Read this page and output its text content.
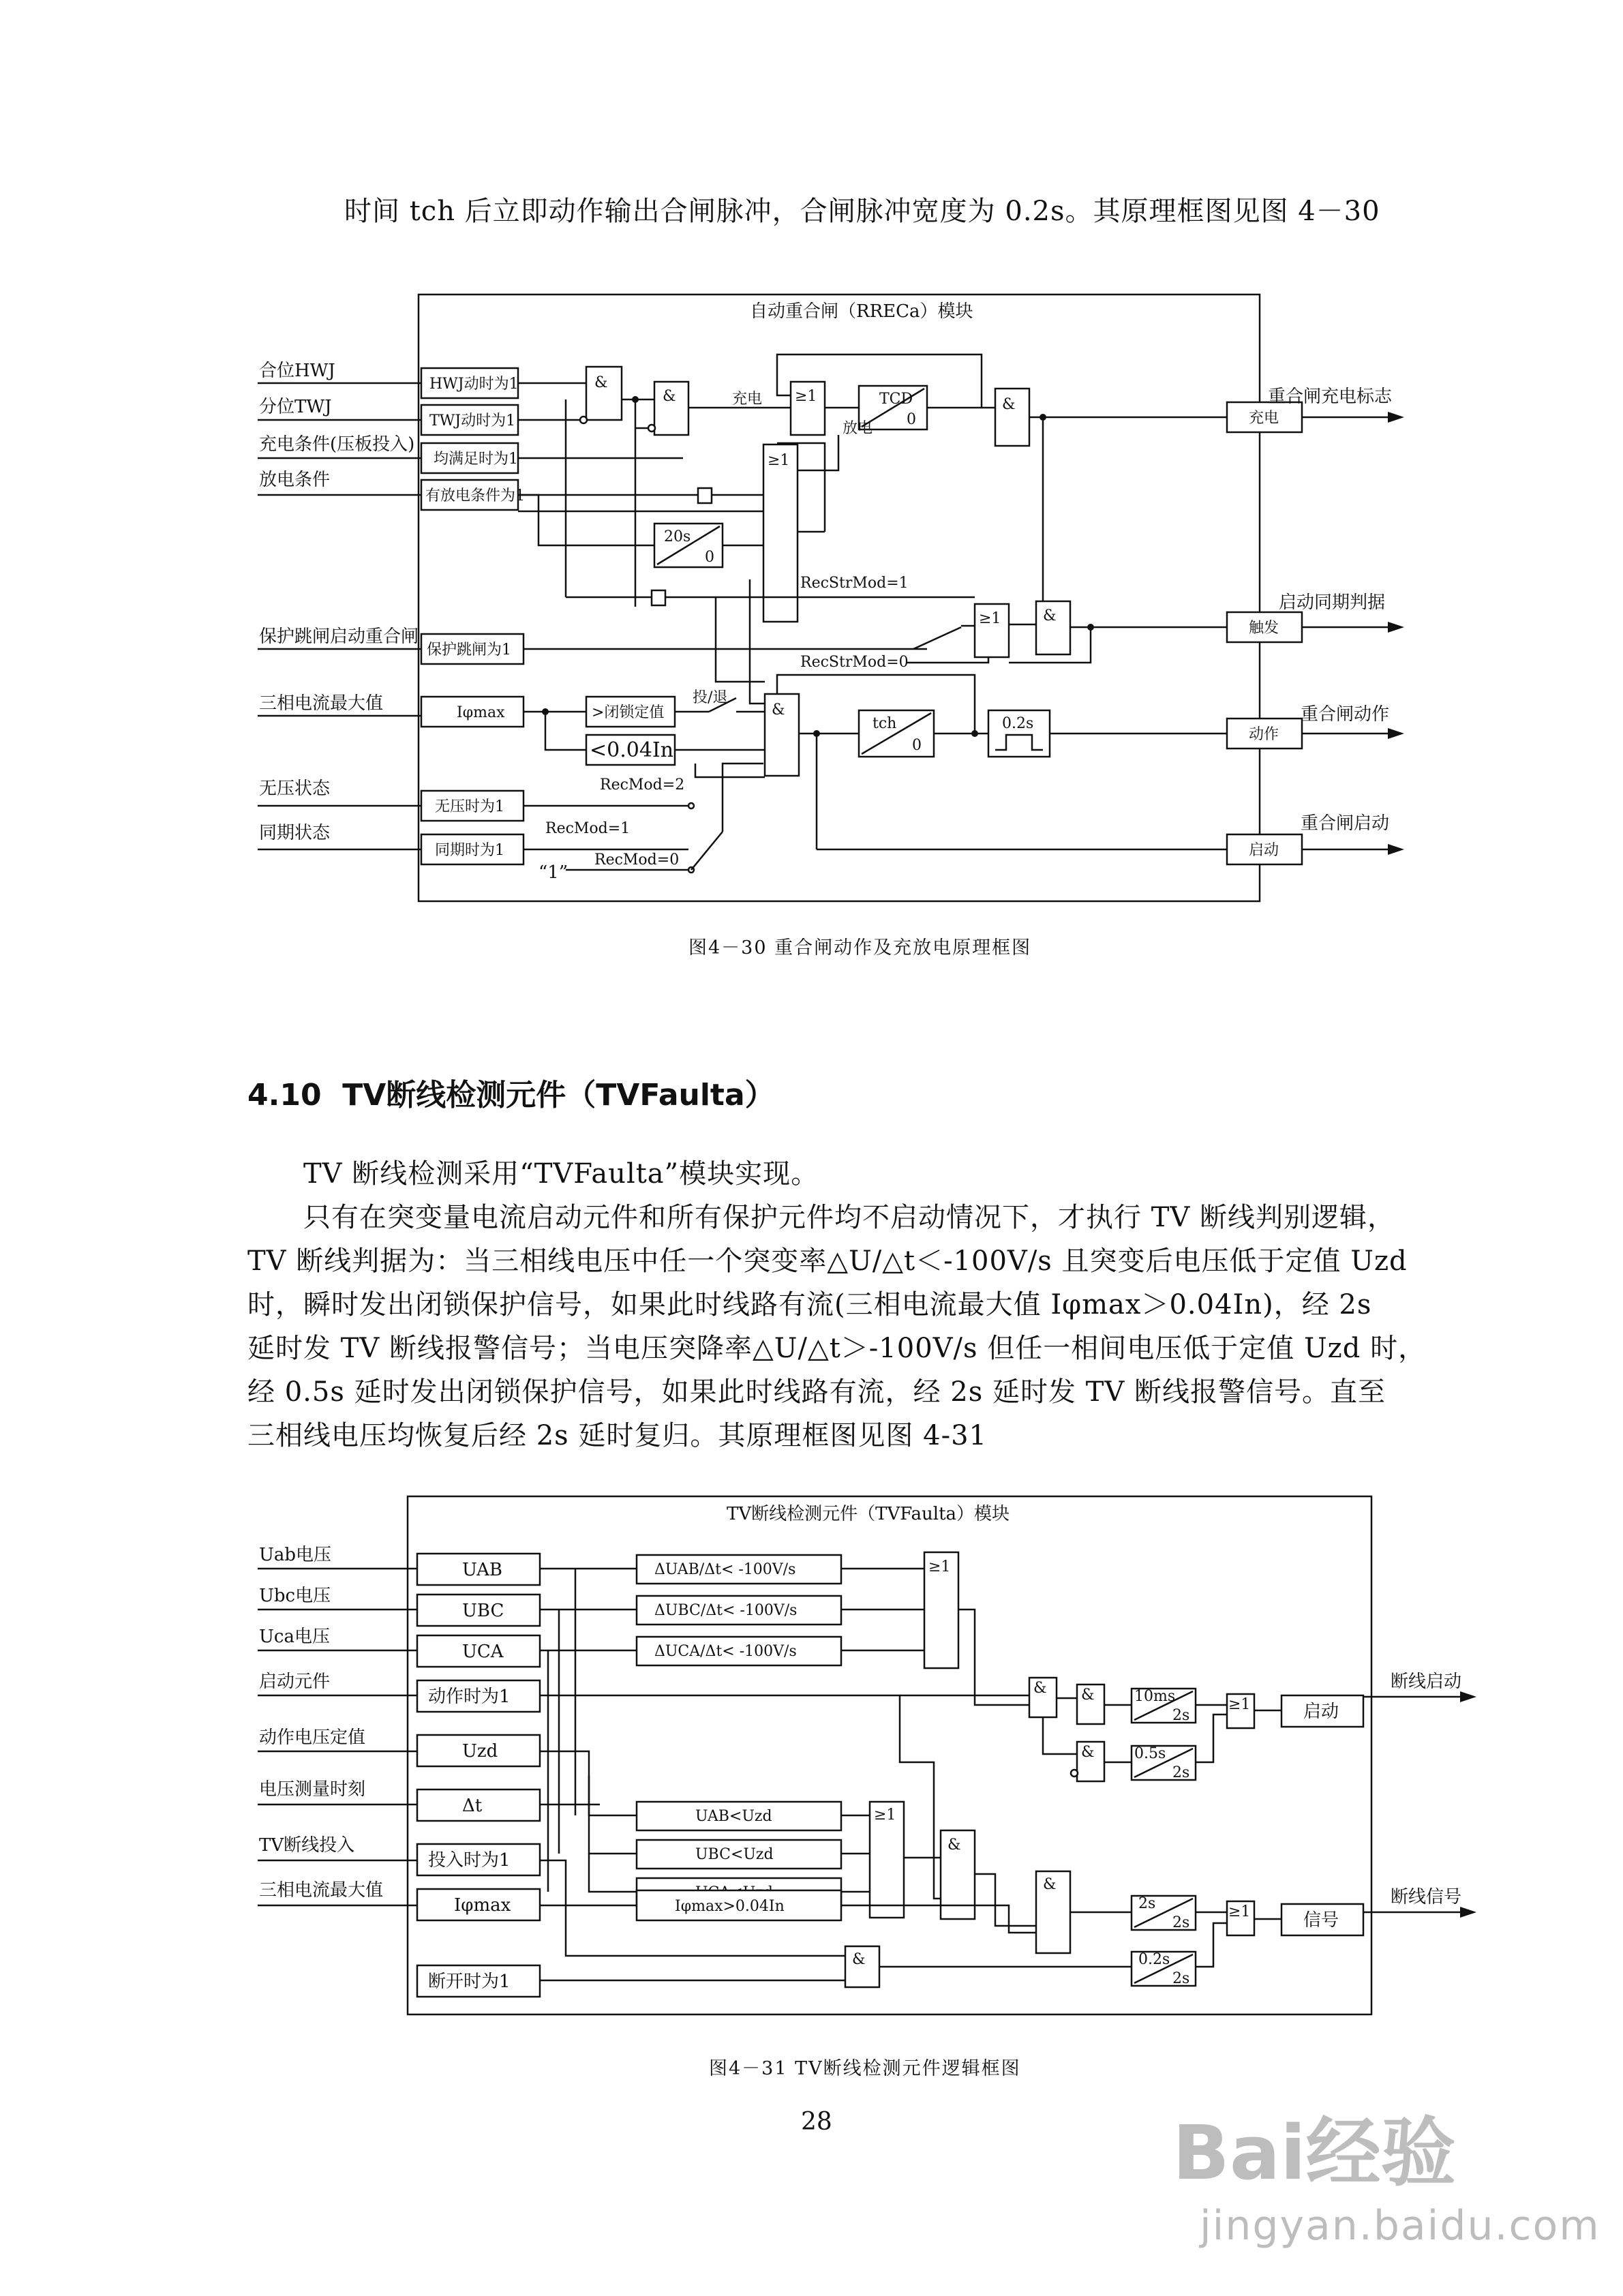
时间 tch 后立即动作输出合闸脉冲，合闸脉冲宽度为 0.2s。其原理框图见图 4－30
自动重合闸（RRECa）模块
合位HWJ
分位TWJ
充电条件(压板投入)
放电条件
保护跳闸启动重合闸
三相电流最大值
无压状态
同期状态
HWJ动时为1
TWJ动时为1
均满足时为1
有放电条件为1
保护跳闸为1
Iφmax
无压时为1
同期时为1
&
&	充电 ≥1	TCD
0
放电
&
≥1
20s
0
RecStrMod=1
RecStrMod=0
≥1	&
>闭锁定值
<0.04In
投/退
&
tch
0
0.2s
RecMod=2
RecMod=1
RecMod=0
“1”
充电
触发
动作
启动
重合闸充电标志
启动同期判据
重合闸动作
重合闸启动
图4－30 重合闸动作及充放电原理框图
4.10 TV断线检测元件（TVFaulta）
TV 断线检测采用“TVFaulta”模块实现。
只有在突变量电流启动元件和所有保护元件均不启动情况下，才执行 TV 断线判别逻辑，
TV 断线判据为：当三相线电压中任一个突变率△U/△t＜-100V/s 且突变后电压低于定值 Uzd
时，瞬时发出闭锁保护信号，如果此时线路有流(三相电流最大值 Iφmax＞0.04In)，经 2s
延时发 TV 断线报警信号；当电压突降率△U/△t＞-100V/s 但任一相间电压低于定值 Uzd 时，
经 0.5s 延时发出闭锁保护信号，如果此时线路有流，经 2s 延时发 TV 断线报警信号。直至
三相线电压均恢复后经 2s 延时复归。其原理框图见图 4-31
TV断线检测元件（TVFaulta）模块
Uab电压
Ubc电压
Uca电压
启动元件
动作电压定值
电压测量时刻
TV断线投入
三相电流最大值
UAB
UBC
UCA
动作时为1
Uzd
Δt
投入时为1
Iφmax
断开时为1
ΔUAB/Δt< -100V/s
ΔUBC/Δt< -100V/s
ΔUCA/Δt< -100V/s
≥1
UAB<Uzd
UBC<Uzd
≥1
&
& &	10ms
2s
&	0.5s
2s
&
2s
2s
Iφmax>0.04In
&	0.2s
2s
≥1
≥1
启动
信号
断线启动
断线信号
图4－31 TV断线检测元件逻辑框图
28	Bai经验
jingyan.baidu.com
